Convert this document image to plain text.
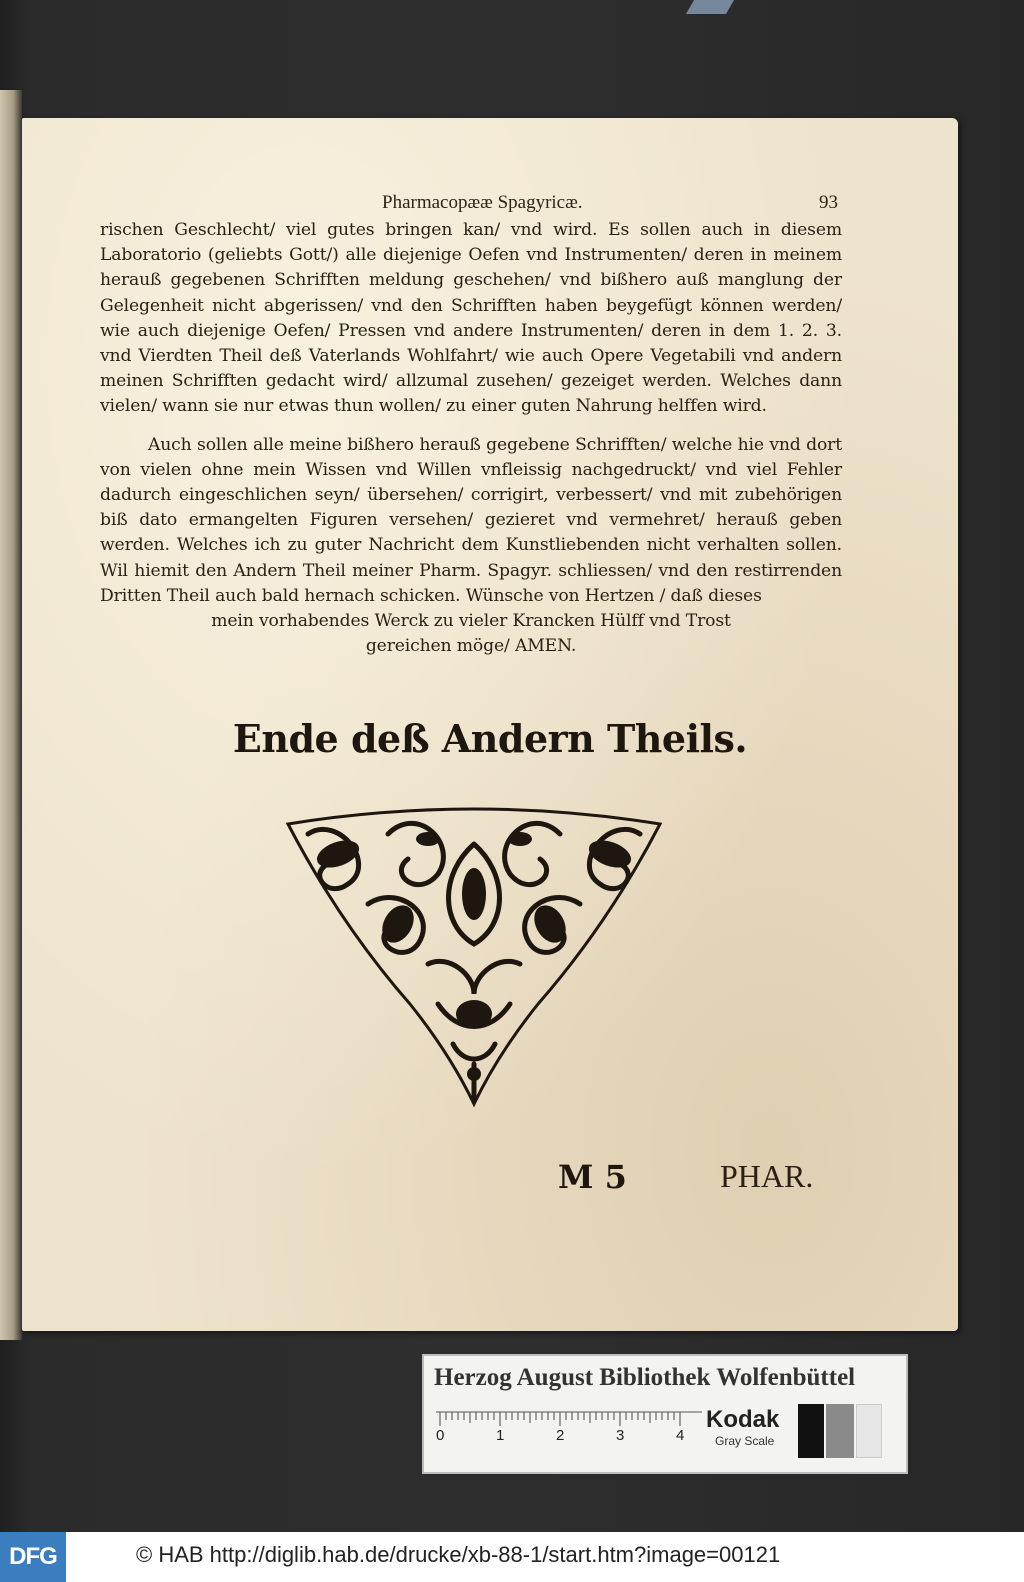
Pharmacopææ Spagyricæ.	93

rischen Geschlecht/ viel gutes bringen kan/ vnd wird. Es sollen auch in diesem Laboratorio (geliebts Gott/) alle diejenige Oefen vnd Instrumenten/ deren in meinem herauß gegebenen Schrifften meldung geschehen/ vnd bißhero auß manglung der Gelegenheit nicht abgerissen/ vnd den Schrifften haben beygefügt können werden/ wie auch diejenige Oefen/ Pressen vnd andere Instrumenten/ deren in dem 1. 2. 3. vnd Vierdten Theil deß Vaterlands Wohlfahrt/ wie auch Opere Vegetabili vnd andern meinen Schrifften gedacht wird/ allzumal zusehen/ gezeiget werden. Welches dann vielen/ wann sie nur etwas thun wollen/ zu einer guten Nahrung helffen wird.

Auch sollen alle meine bißhero herauß gegebene Schrifften/ welche hie vnd dort von vielen ohne mein Wissen vnd Willen vnfleissig nachgedruckt/ vnd viel Fehler dadurch eingeschlichen seyn/ übersehen/ corrigirt, verbessert/ vnd mit zubehörigen biß dato ermangelten Figuren versehen/ gezieret vnd vermehret/ herauß geben werden. Welches ich zu guter Nachricht dem Kunstliebenden nicht verhalten sollen. Wil hiemit den Andern Theil meiner Pharm. Spagyr. schliessen/ vnd den restirrenden Dritten Theil auch bald hernach schicken. Wünsche von Hertzen / daß dieses

mein vorhabendes Werck zu vieler Krancken Hülff vnd Trost
gereichen möge/ AMEN.
Ende deß Andern Theils.
M 5	PHAR.
Herzog August Bibliothek Wolfenbüttel
0	1	2	3	4
Kodak
Gray Scale
DFG	© HAB http://diglib.hab.de/drucke/xb-88-1/start.htm?image=00121
